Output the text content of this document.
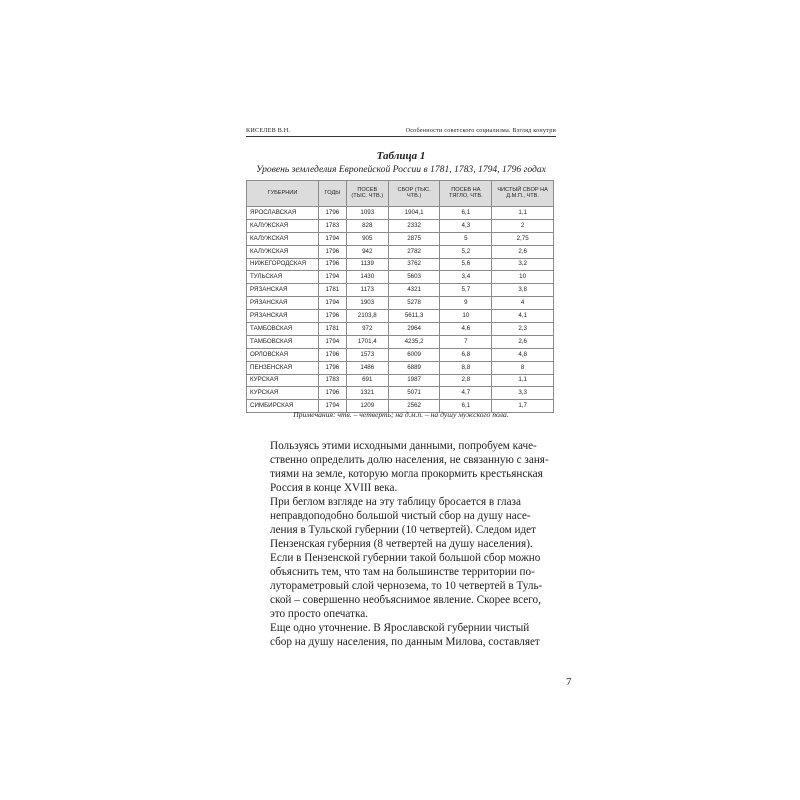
КИСЕЛЕВ В.Н.	Особенности советского социализма. Взгляд конутри
Таблица 1
Уровень земледелия Европейской России в 1781, 1783, 1794, 1796 годах
ГУБЕРНИИ	ГОДЫ	ПОСЕВ (ТЫС. ЧТВ.)	СБОР (ТЫС. ЧТВ.)	ПОСЕВ НА ТЯГЛО, ЧТВ.	ЧИСТЫЙ СБОР НА Д.М.П., ЧТВ.
ЯРОСЛАВСКАЯ	1796	1093	1904,1	6,1	1,1
КАЛУЖСКАЯ	1783	828	2332	4,3	2
КАЛУЖСКАЯ	1794	905	2875	5	2,75
КАЛУЖСКАЯ	1796	942	2782	5,2	2,6
НИЖЕГОРОДСКАЯ	1796	1139	3762	5,6	3,2
ТУЛЬСКАЯ	1794	1430	5603	3,4	10
РЯЗАНСКАЯ	1781	1173	4321	5,7	3,8
РЯЗАНСКАЯ	1794	1903	5278	9	4
РЯЗАНСКАЯ	1796	2103,8	5611,3	10	4,1
ТАМБОВСКАЯ	1781	972	2964	4,6	2,3
ТАМБОВСКАЯ	1794	1701,4	4235,2	7	2,6
ОРЛОВСКАЯ	1796	1573	6009	6,8	4,8
ПЕНЗЕНСКАЯ	1796	1486	6889	8,8	8
КУРСКАЯ	1783	691	1987	2,8	1,1
КУРСКАЯ	1796	1321	5071	4,7	3,3
СИМБИРСКАЯ	1794	1209	2562	6,1	1,7
Примечания: чтв. – четверть; на д.м.п. – на душу мужского пола.

Пользуясь этими исходными данными, попробуем каче-
ственно определить долю населения, не связанную с заня-
тиями на земле, которую могла прокормить крестьянская
Россия в конце XVIII века.

При беглом взгляде на эту таблицу бросается в глаза
неправдоподобно большой чистый сбор на душу насе-
ления в Тульской губернии (10 четвертей). Следом идет
Пензенская губерния (8 четвертей на душу населения).
Если в Пензенской губернии такой большой сбор можно
объяснить тем, что там на большинстве территории по-
лутораметровый слой чернозема, то 10 четвертей в Туль-
ской – совершенно необъяснимое явление. Скорее всего,
это просто опечатка.

Еще одно уточнение. В Ярославской губернии чистый
сбор на душу населения, по данным Милова, составляет

7
